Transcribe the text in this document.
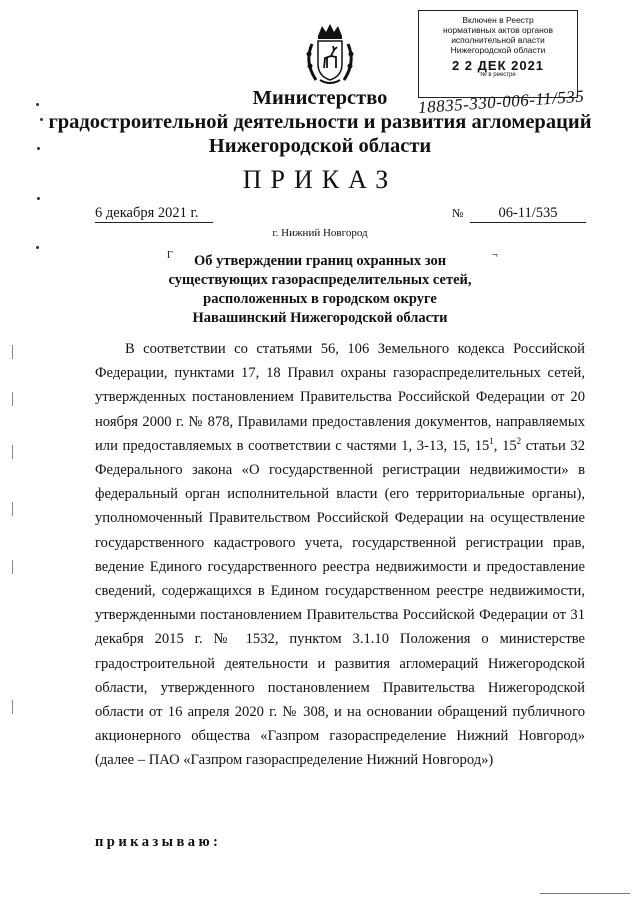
Включен в Реестр
нормативных актов органов
исполнительной власти
Нижегородской области
2 2 ДЕК 2021
№ в реестре
18835-330-006-11/535
Министерство
градостроительной деятельности и развития агломераций
Нижегородской области
ПРИКАЗ
6 декабря 2021 г.	№	06-11/535
г. Нижний Новгород
Г	¬
Об утверждении границ охранных зон
существующих газораспределительных сетей,
расположенных в городском округе
Навашинский Нижегородской области
В соответствии со статьями 56, 106 Земельного кодекса Российской Федерации, пунктами 17, 18 Правил охраны газораспределительных сетей, утвержденных постановлением Правительства Российской Федерации от 20 ноября 2000 г. № 878, Правилами предоставления документов, направляемых или предоставляемых в соответствии с частями 1, 3-13, 15, $15^1$, $15^2$ статьи 32 Федерального закона «О государственной регистрации недвижимости» в федеральный орган исполнительной власти (его территориальные органы), уполномоченный Правительством Российской Федерации на осуществление государственного кадастрового учета, государственной регистрации прав, ведение Единого государственного реестра недвижимости и предоставление сведений, содержащихся в Едином государственном реестре недвижимости, утвержденными постановлением Правительства Российской Федерации от 31 декабря 2015 г. № 1532, пунктом 3.1.10 Положения о министерстве градостроительной деятельности и развития агломераций Нижегородской области, утвержденного постановлением Правительства Нижегородской области от 16 апреля 2020 г. № 308, и на основании обращений публичного акционерного общества «Газпром газораспределение Нижний Новгород» (далее – ПАО «Газпром газораспределение Нижний Новгород»)
приказываю:
